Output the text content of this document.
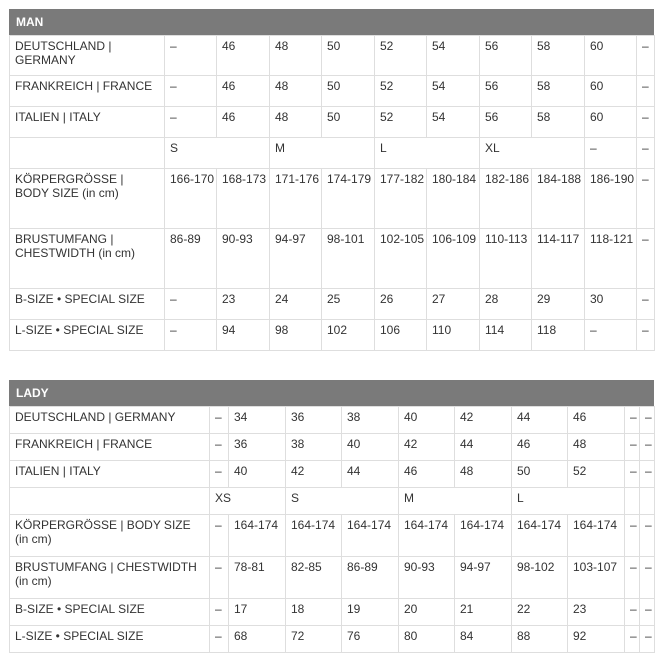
MAN
DEUTSCHLAND | GERMANY	–	46	48	50	52	54	56	58	60	–
FRANKREICH | FRANCE	–	46	48	50	52	54	56	58	60	–
ITALIEN | ITALY	–	46	48	50	52	54	56	58	60	–
	S		M		L		XL		–	–
KÖRPERGRÖSSE | BODY SIZE (in cm)	166-170	168-173	171-176	174-179	177-182	180-184	182-186	184-188	186-190	–
BRUSTUMFANG | CHESTWIDTH (in cm)	86-89	90-93	94-97	98-101	102-105	106-109	110-113	114-117	118-121	–
B-SIZE • SPECIAL SIZE	–	23	24	25	26	27	28	29	30	–
L-SIZE • SPECIAL SIZE	–	94	98	102	106	110	114	118	–	–
LADY
DEUTSCHLAND | GERMANY	–	34	36	38	40	42	44	46	–	–
FRANKREICH | FRANCE	–	36	38	40	42	44	46	48	–	–
ITALIEN | ITALY	–	40	42	44	46	48	50	52	–	–
	XS		S		M		L			
KÖRPERGRÖSSE | BODY SIZE (in cm)	–	164-174	164-174	164-174	164-174	164-174	164-174	164-174	–	–
BRUSTUMFANG | CHESTWIDTH (in cm)	–	78-81	82-85	86-89	90-93	94-97	98-102	103-107	–	–
B-SIZE • SPECIAL SIZE	–	17	18	19	20	21	22	23	–	–
L-SIZE • SPECIAL SIZE	–	68	72	76	80	84	88	92	–	–
